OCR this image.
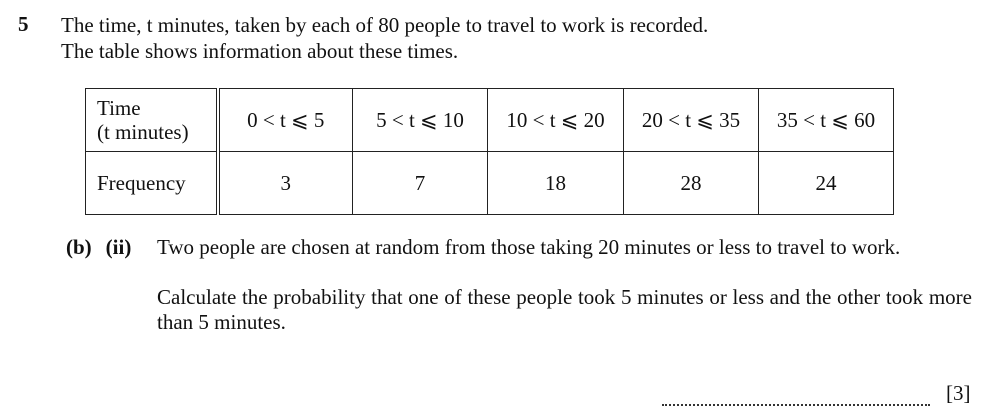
5 The time, t minutes, taken by each of 80 people to travel to work is recorded.
The table shows information about these times.
Time
(t minutes)	0 < t ⩽ 5	5 < t ⩽ 10	10 < t ⩽ 20	20 < t ⩽ 35	35 < t ⩽ 60
Frequency	3	7	18	28	24
(b) (ii) Two people are chosen at random from those taking 20 minutes or less to travel to work.
Calculate the probability that one of these people took 5 minutes or less and the other took more than 5 minutes.
[3]
